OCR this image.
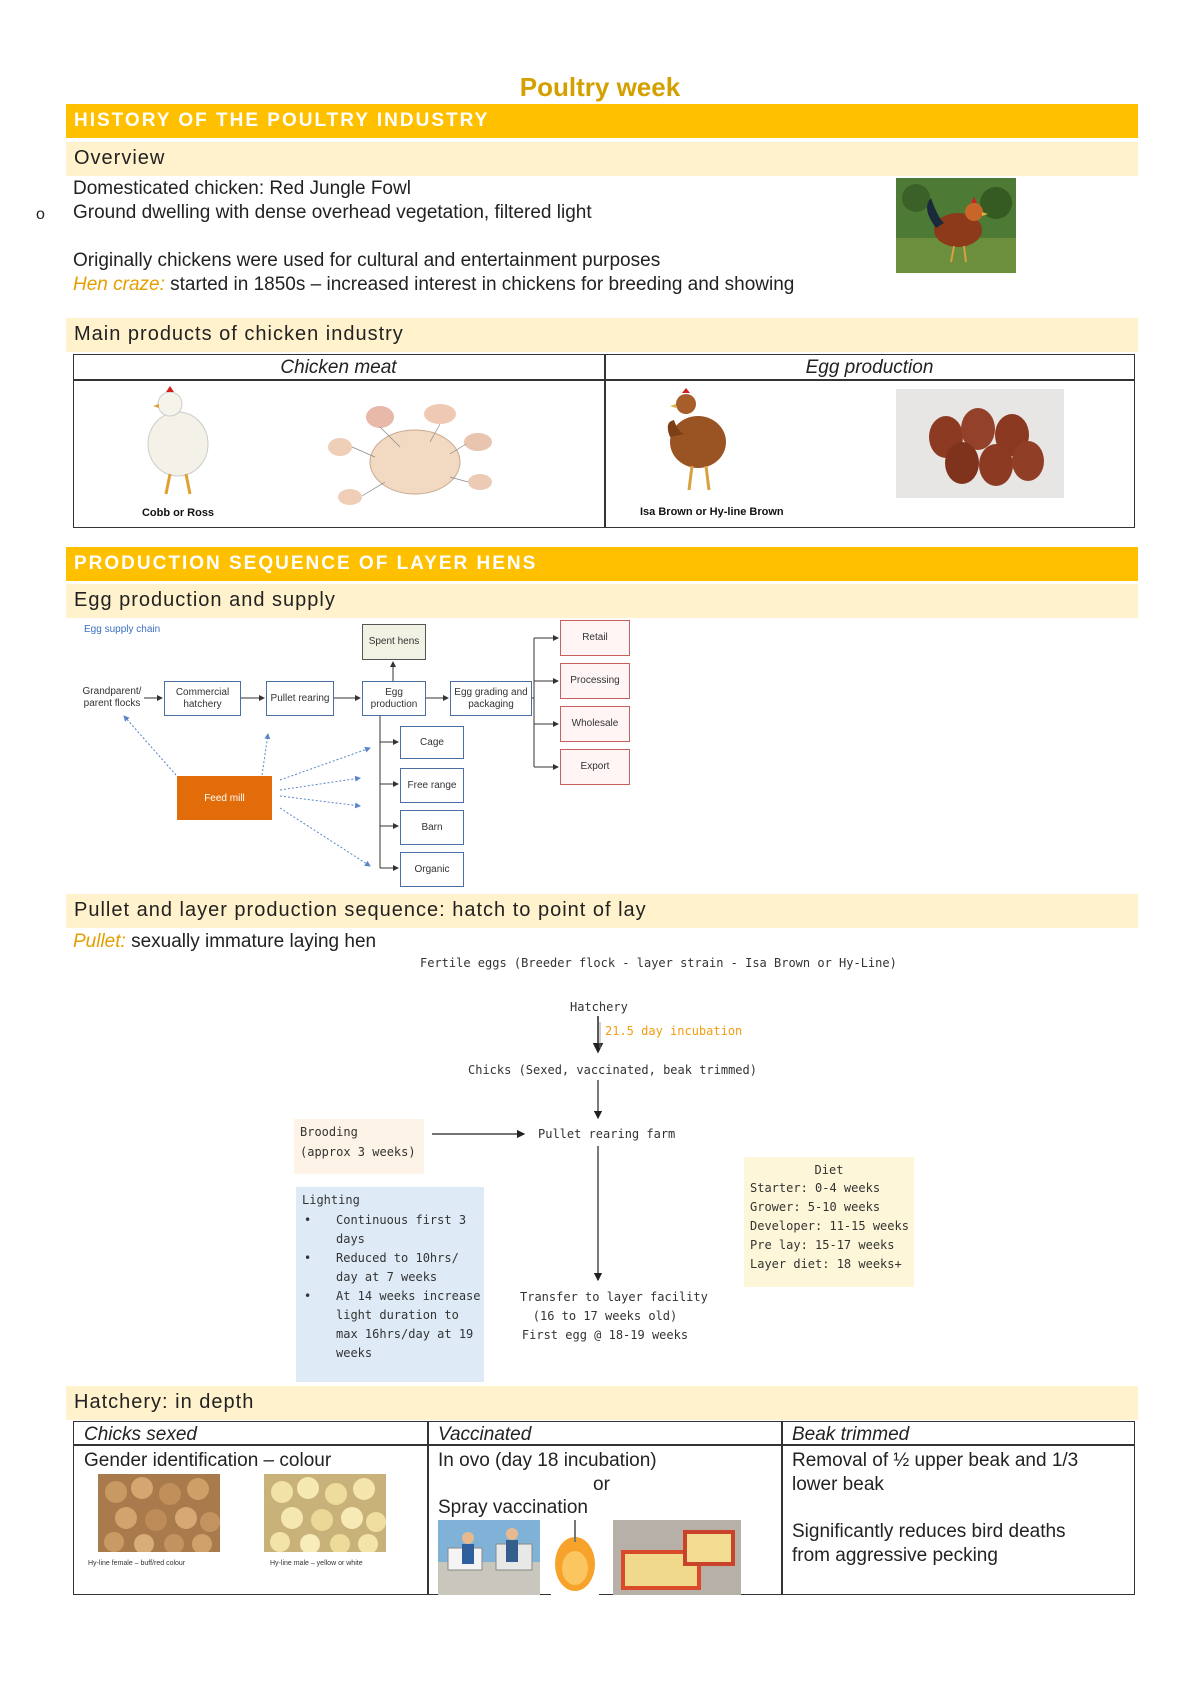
Poultry week
HISTORY OF THE POULTRY INDUSTRY
Overview
Domesticated chicken: Red Jungle Fowl
o Ground dwelling with dense overhead vegetation, filtered light
Originally chickens were used for cultural and entertainment purposes
Hen craze: started in 1850s – increased interest in chickens for breeding and showing
Main products of chicken industry
Chicken meat	Egg production
Cobb or Ross	Isa Brown or Hy-line Brown
PRODUCTION SEQUENCE OF LAYER HENS
Egg production and supply
Egg supply chain
Grandparent/ parent flocks
Commercial hatchery
Pullet rearing
Egg production
Egg grading and packaging
Spent hens
Feed mill
Cage
Free range
Barn
Organic
Retail
Processing
Wholesale
Export
Pullet and layer production sequence: hatch to point of lay
Pullet: sexually immature laying hen
Fertile eggs (Breeder flock - layer strain - Isa Brown or Hy-Line)
Hatchery
21.5 day incubation
Chicks (Sexed, vaccinated, beak trimmed)
Brooding
(approx 3 weeks)
Pullet rearing farm
Lighting
• Continuous first 3
days
• Reduced to 10hrs/
day at 7 weeks
• At 14 weeks increase
light duration to
max 16hrs/day at 19
weeks
Diet
Starter: 0-4 weeks
Grower: 5-10 weeks
Developer: 11-15 weeks
Pre lay: 15-17 weeks
Layer diet: 18 weeks+
Transfer to layer facility
(16 to 17 weeks old)
First egg @ 18-19 weeks
Hatchery: in depth
Chicks sexed	Vaccinated	Beak trimmed
Gender identification – colour
Hy-line female – buff/red colour	Hy-line male – yellow or white
In ovo (day 18 incubation)
or
Spray vaccination
Removal of ½ upper beak and 1/3
lower beak
Significantly reduces bird deaths
from aggressive pecking
